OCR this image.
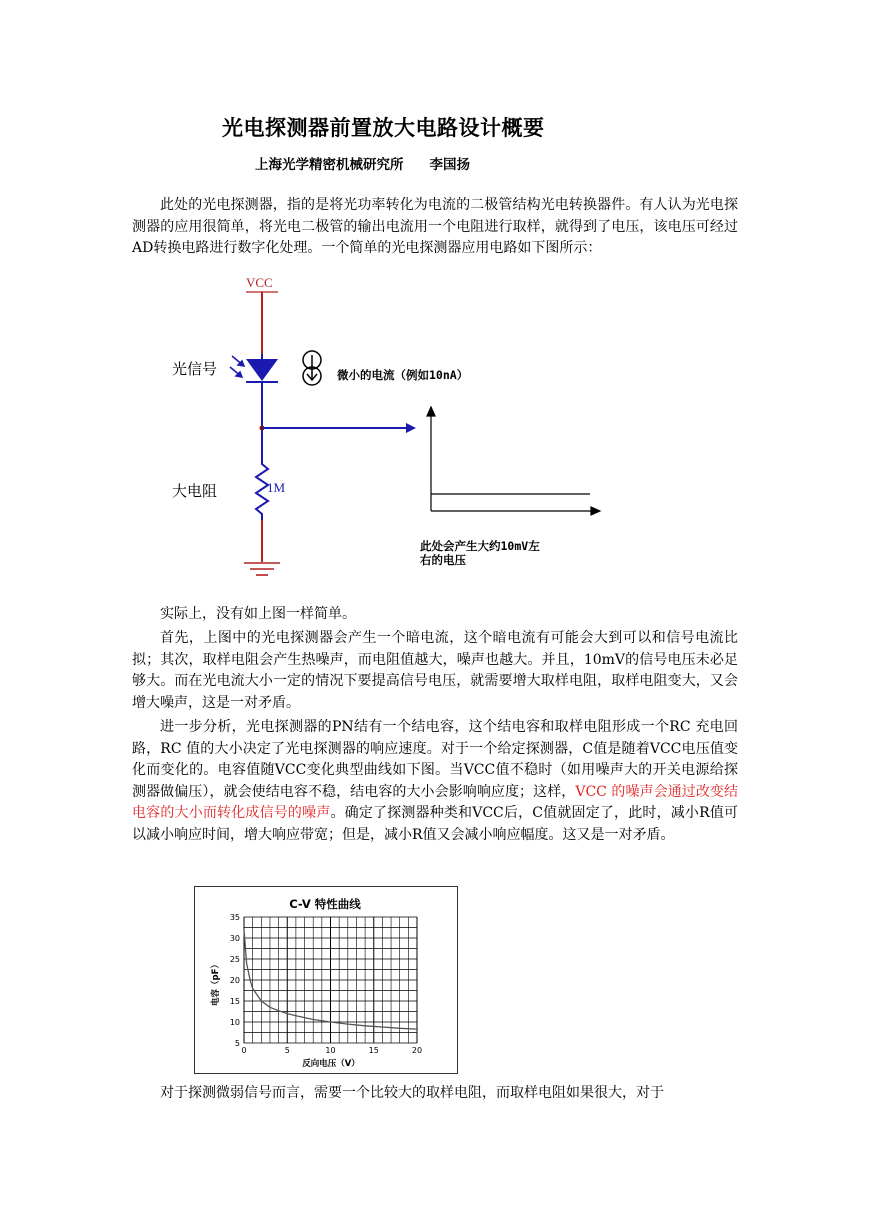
光电探测器前置放大电路设计概要
上海光学精密机械研究所 李国扬

此处的光电探测器，指的是将光功率转化为电流的二极管结构光电转换器件。有人认为光电探测器的应用很简单，将光电二极管的输出电流用一个电阻进行取样，就得到了电压，该电压可经过AD转换电路进行数字化处理。一个简单的光电探测器应用电路如下图所示：

VCC
光信号	微小的电流（例如10nA）
1M
大电阻
此处会产生大约10mV左
右的电压

实际上，没有如上图一样简单。

首先，上图中的光电探测器会产生一个暗电流，这个暗电流有可能会大到可以和信号电流比拟；其次，取样电阻会产生热噪声，而电阻值越大，噪声也越大。并且，10mV的信号电压未必足够大。而在光电流大小一定的情况下要提高信号电压，就需要增大取样电阻，取样电阻变大，又会增大噪声，这是一对矛盾。

进一步分析，光电探测器的PN结有一个结电容，这个结电容和取样电阻形成一个RC 充电回路，RC 值的大小决定了光电探测器的响应速度。对于一个给定探测器，C值是随着VCC电压值变化而变化的。电容值随VCC变化典型曲线如下图。当VCC值不稳时（如用噪声大的开关电源给探测器做偏压），就会使结电容不稳，结电容的大小会影响响应度；这样，VCC 的噪声会通过改变结电容的大小而转化成信号的噪声。确定了探测器种类和VCC后，C值就固定了，此时，减小R值可以减小响应时间，增大响应带宽；但是，减小R值又会减小响应幅度。这又是一对矛盾。

C-V 特性曲线
反向电压（V）
电容（pF）
0	5	10	15	20
5
10
15
20
25
30
35

对于探测微弱信号而言，需要一个比较大的取样电阻，而取样电阻如果很大，对于
